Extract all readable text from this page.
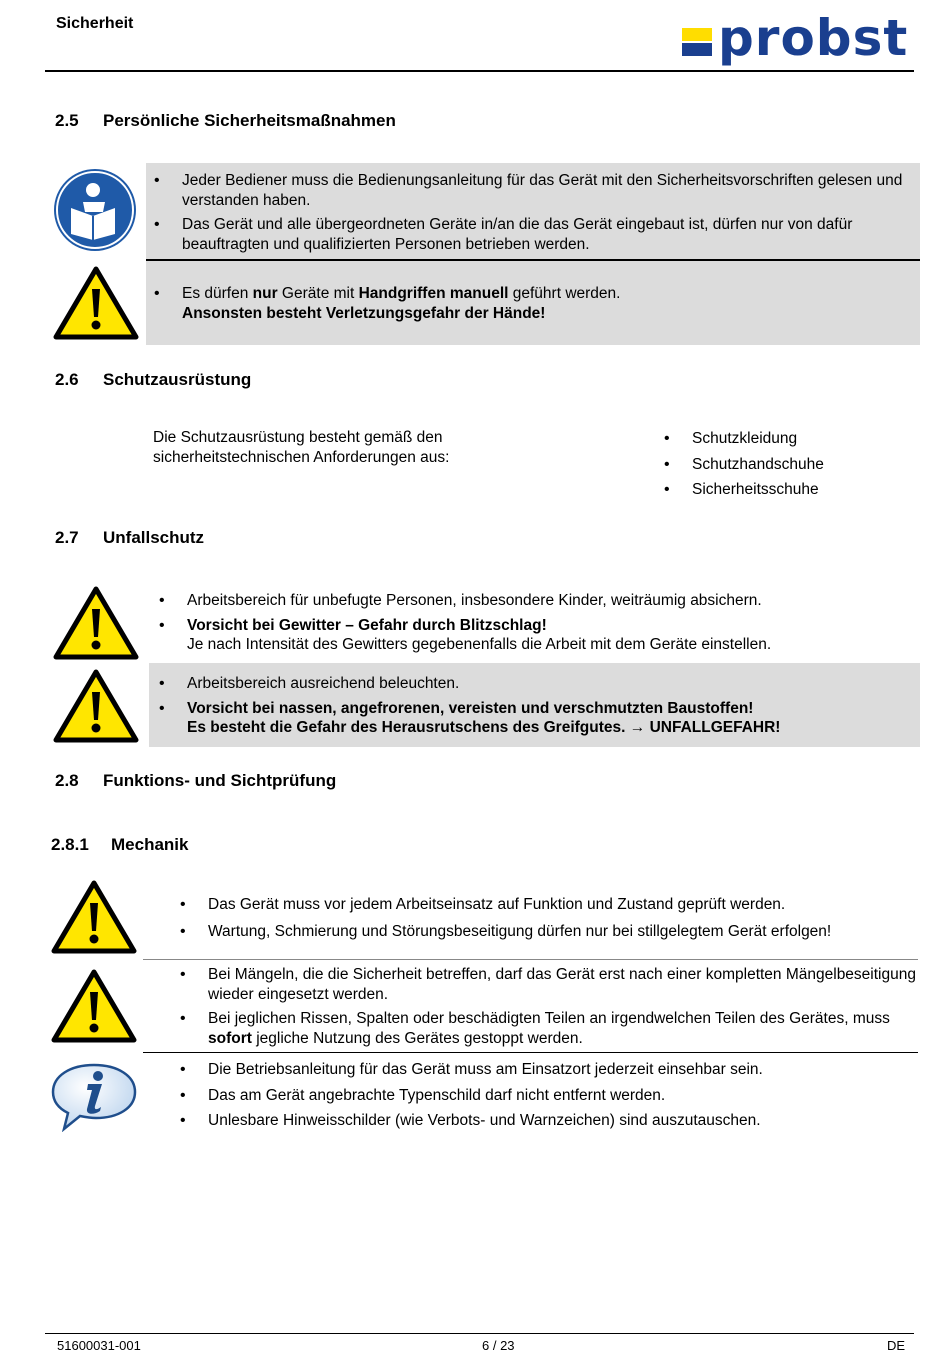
Sicherheit	probst
2.5 Persönliche Sicherheitsmaßnahmen
• Jeder Bediener muss die Bedienungsanleitung für das Gerät mit den Sicherheitsvorschriften gelesen und verstanden haben.
• Das Gerät und alle übergeordneten Geräte in/an die das Gerät eingebaut ist, dürfen nur von dafür beauftragten und qualifizierten Personen betrieben werden.
• Es dürfen nur Geräte mit Handgriffen manuell geführt werden.
Ansonsten besteht Verletzungsgefahr der Hände!
2.6 Schutzausrüstung
Die Schutzausrüstung besteht gemäß den sicherheitstechnischen Anforderungen aus:
• Schutzkleidung
• Schutzhandschuhe
• Sicherheitsschuhe
2.7 Unfallschutz
• Arbeitsbereich für unbefugte Personen, insbesondere Kinder, weiträumig absichern.
• Vorsicht bei Gewitter – Gefahr durch Blitzschlag!
Je nach Intensität des Gewitters gegebenenfalls die Arbeit mit dem Geräte einstellen.
• Arbeitsbereich ausreichend beleuchten.
• Vorsicht bei nassen, angefrorenen, vereisten und verschmutzten Baustoffen!
Es besteht die Gefahr des Herausrutschens des Greifgutes. → UNFALLGEFAHR!
2.8 Funktions- und Sichtprüfung
2.8.1 Mechanik
• Das Gerät muss vor jedem Arbeitseinsatz auf Funktion und Zustand geprüft werden.
• Wartung, Schmierung und Störungsbeseitigung dürfen nur bei stillgelegtem Gerät erfolgen!
• Bei Mängeln, die die Sicherheit betreffen, darf das Gerät erst nach einer kompletten Mängelbeseitigung wieder eingesetzt werden.
• Bei jeglichen Rissen, Spalten oder beschädigten Teilen an irgendwelchen Teilen des Gerätes, muss sofort jegliche Nutzung des Gerätes gestoppt werden.
• Die Betriebsanleitung für das Gerät muss am Einsatzort jederzeit einsehbar sein.
• Das am Gerät angebrachte Typenschild darf nicht entfernt werden.
• Unlesbare Hinweisschilder (wie Verbots- und Warnzeichen) sind auszutauschen.
51600031-001	6 / 23	DE
